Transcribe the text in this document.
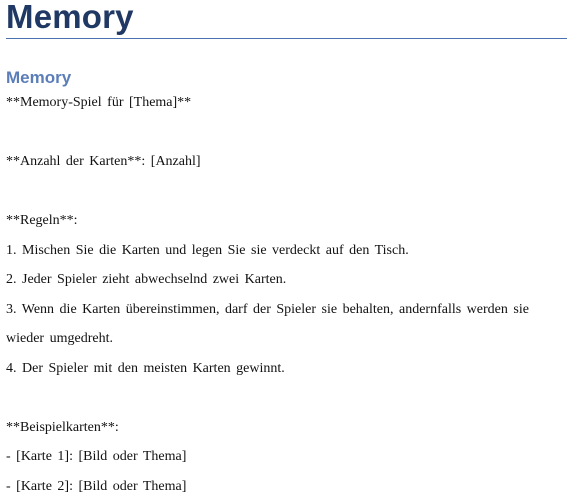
Memory
Memory
**Memory-Spiel für [Thema]**
**Anzahl der Karten**: [Anzahl]
**Regeln**:
1. Mischen Sie die Karten und legen Sie sie verdeckt auf den Tisch.
2. Jeder Spieler zieht abwechselnd zwei Karten.
3. Wenn die Karten übereinstimmen, darf der Spieler sie behalten, andernfalls werden sie
wieder umgedreht.
4. Der Spieler mit den meisten Karten gewinnt.
**Beispielkarten**:
- [Karte 1]: [Bild oder Thema]
- [Karte 2]: [Bild oder Thema]
